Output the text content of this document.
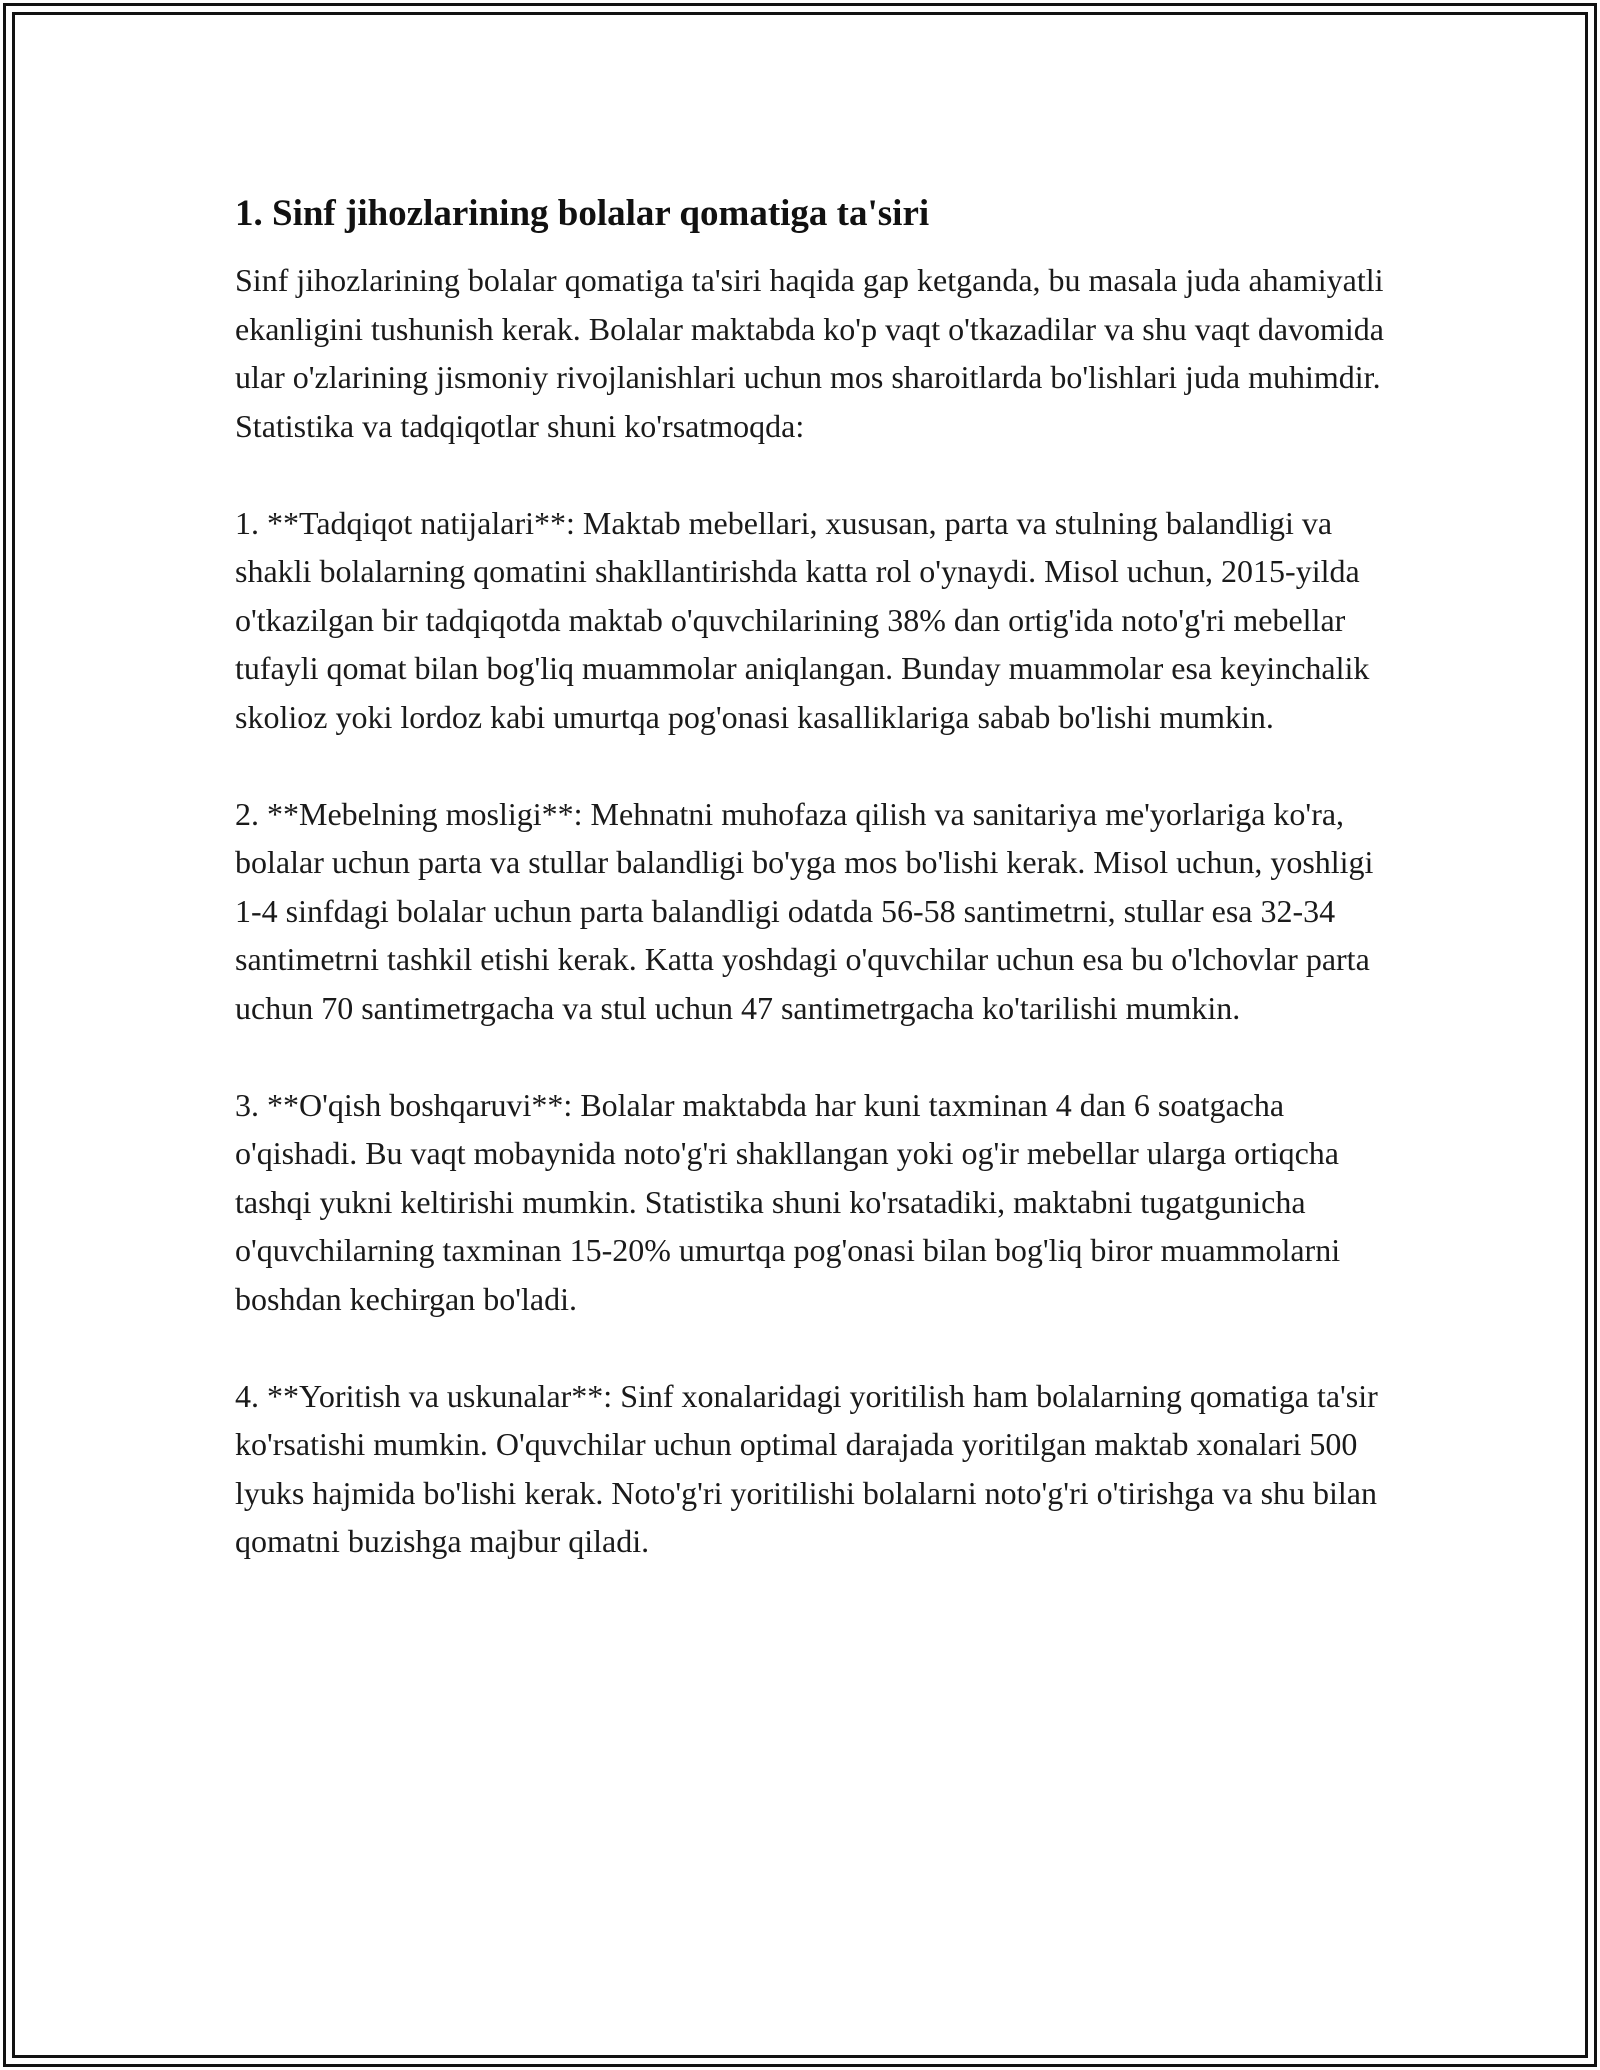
1. Sinf jihozlarining bolalar qomatiga ta'siri

Sinf jihozlarining bolalar qomatiga ta'siri haqida gap ketganda, bu masala juda ahamiyatli ekanligini tushunish kerak. Bolalar maktabda ko'p vaqt o'tkazadilar va shu vaqt davomida ular o'zlarining jismoniy rivojlanishlari uchun mos sharoitlarda bo'lishlari juda muhimdir. Statistika va tadqiqotlar shuni ko'rsatmoqda:

1. **Tadqiqot natijalari**: Maktab mebellari, xususan, parta va stulning balandligi va shakli bolalarning qomatini shakllantirishda katta rol o'ynaydi. Misol uchun, 2015-yilda o'tkazilgan bir tadqiqotda maktab o'quvchilarining 38% dan ortig'ida noto'g'ri mebellar tufayli qomat bilan bog'liq muammolar aniqlangan. Bunday muammolar esa keyinchalik skolioz yoki lordoz kabi umurtqa pog'onasi kasalliklariga sabab bo'lishi mumkin.

2. **Mebelning mosligi**: Mehnatni muhofaza qilish va sanitariya me'yorlariga ko'ra, bolalar uchun parta va stullar balandligi bo'yga mos bo'lishi kerak. Misol uchun, yoshligi 1-4 sinfdagi bolalar uchun parta balandligi odatda 56-58 santimetrni, stullar esa 32-34 santimetrni tashkil etishi kerak. Katta yoshdagi o'quvchilar uchun esa bu o'lchovlar parta uchun 70 santimetrgacha va stul uchun 47 santimetrgacha ko'tarilishi mumkin.

3. **O'qish boshqaruvi**: Bolalar maktabda har kuni taxminan 4 dan 6 soatgacha o'qishadi. Bu vaqt mobaynida noto'g'ri shakllangan yoki og'ir mebellar ularga ortiqcha tashqi yukni keltirishi mumkin. Statistika shuni ko'rsatadiki, maktabni tugatgunicha o'quvchilarning taxminan 15-20% umurtqa pog'onasi bilan bog'liq biror muammolarni boshdan kechirgan bo'ladi.

4. **Yoritish va uskunalar**: Sinf xonalaridagi yoritilish ham bolalarning qomatiga ta'sir ko'rsatishi mumkin. O'quvchilar uchun optimal darajada yoritilgan maktab xonalari 500 lyuks hajmida bo'lishi kerak. Noto'g'ri yoritilishi bolalarni noto'g'ri o'tirishga va shu bilan qomatni buzishga majbur qiladi.
